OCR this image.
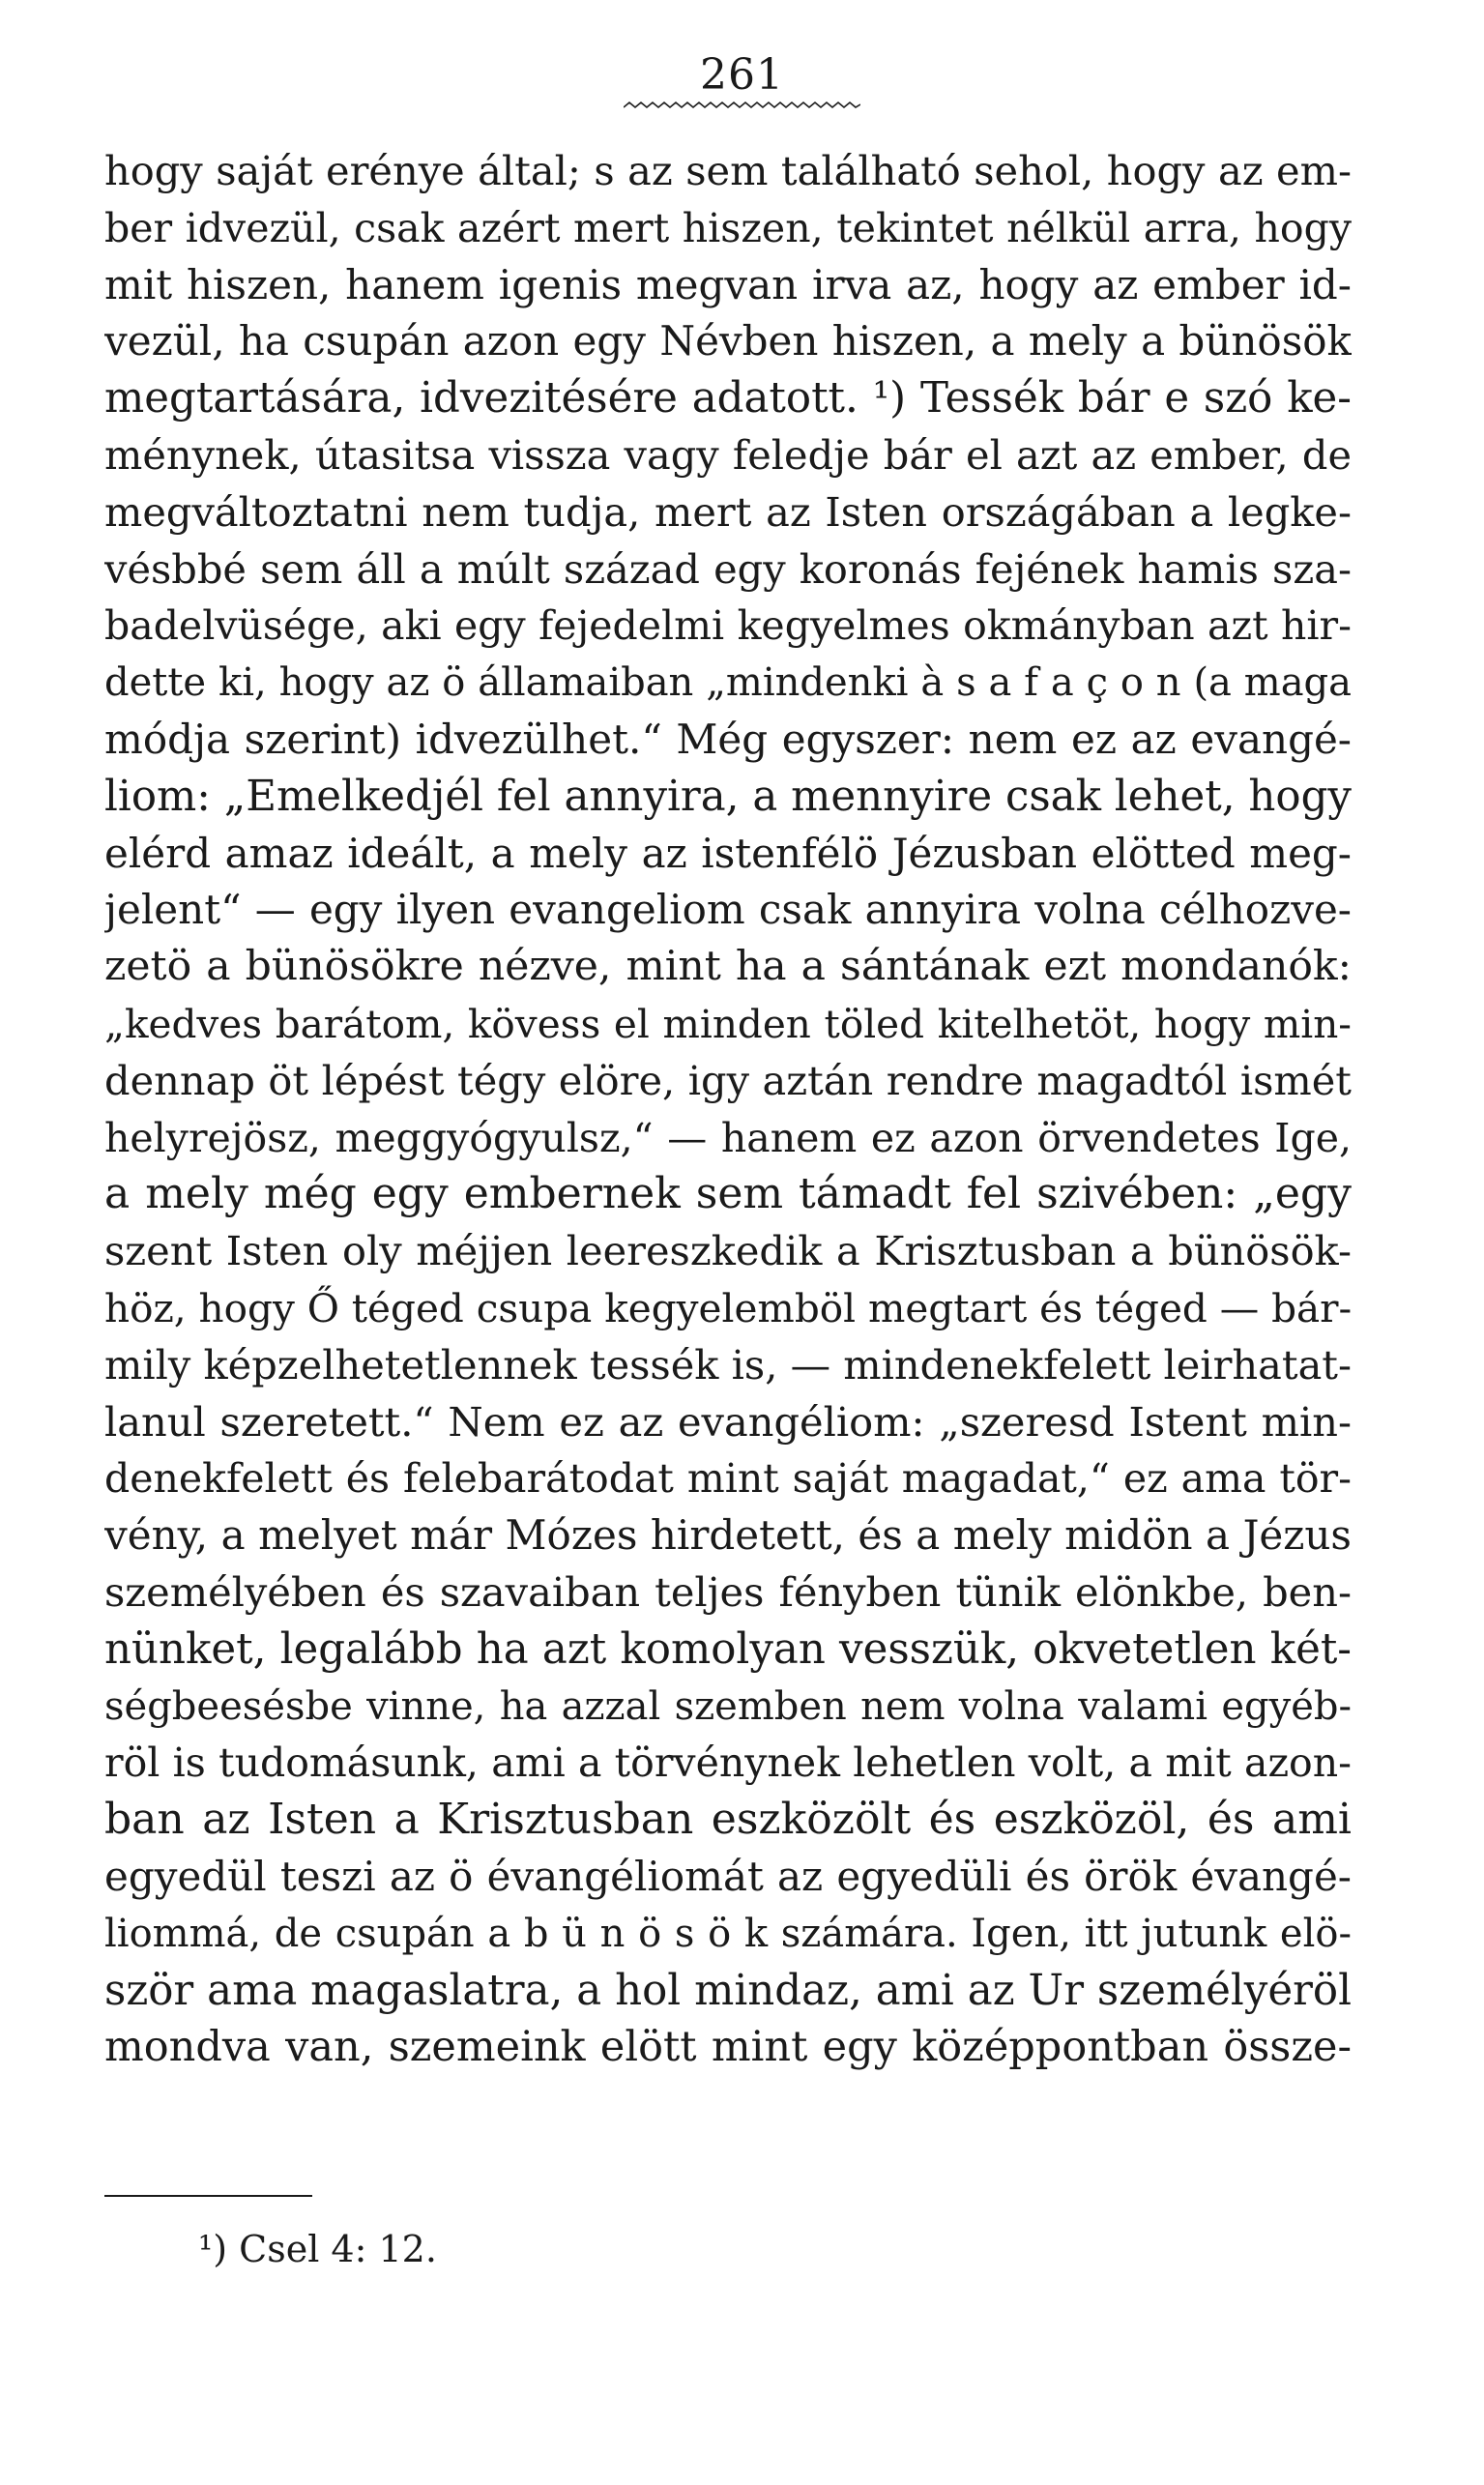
261
hogy saját erénye által; s az sem található sehol, hogy az em-
ber idvezül, csak azért mert hiszen, tekintet nélkül arra, hogy
mit hiszen, hanem igenis megvan irva az, hogy az ember id-
vezül, ha csupán azon egy Névben hiszen, a mely a bünösök
megtartására, idvezitésére adatott. ¹) Tessék bár e szó ke-
ménynek, útasitsa vissza vagy feledje bár el azt az ember, de
megváltoztatni nem tudja, mert az Isten országában a legke-
vésbbé sem áll a múlt század egy koronás fejének hamis sza-
badelvüsége, aki egy fejedelmi kegyelmes okmányban azt hir-
dette ki, hogy az ö államaiban „mindenki à s a f a ç o n (a maga
módja szerint) idvezülhet.“ Még egyszer: nem ez az evangé-
liom: „Emelkedjél fel annyira, a mennyire csak lehet, hogy
elérd amaz ideált, a mely az istenfélö Jézusban elötted meg-
jelent“ — egy ilyen evangeliom csak annyira volna célhozve-
zetö a bünösökre nézve, mint ha a sántának ezt mondanók:
„kedves barátom, kövess el minden töled kitelhetöt, hogy min-
dennap öt lépést tégy elöre, igy aztán rendre magadtól ismét
helyrejösz, meggyógyulsz,“ — hanem ez azon örvendetes Ige,
a mely még egy embernek sem támadt fel szivében: „egy
szent Isten oly méjjen leereszkedik a Krisztusban a bünösök-
höz, hogy Ő téged csupa kegyelemböl megtart és téged — bár-
mily képzelhetetlennek tessék is, — mindenekfelett leirhatat-
lanul szeretett.“ Nem ez az evangéliom: „szeresd Istent min-
denekfelett és felebarátodat mint saját magadat,“ ez ama tör-
vény, a melyet már Mózes hirdetett, és a mely midön a Jézus
személyében és szavaiban teljes fényben tünik elönkbe, ben-
nünket, legalább ha azt komolyan vesszük, okvetetlen két-
ségbeesésbe vinne, ha azzal szemben nem volna valami egyéb-
röl is tudomásunk, ami a törvénynek lehetlen volt, a mit azon-
ban az Isten a Krisztusban eszközölt és eszközöl, és ami
egyedül teszi az ö évangéliomát az egyedüli és örök évangé-
liommá, de csupán a b ü n ö s ö k számára. Igen, itt jutunk elö-
ször ama magaslatra, a hol mindaz, ami az Ur személyéröl
mondva van, szemeink elött mint egy középpontban össze-
¹) Csel 4: 12.
